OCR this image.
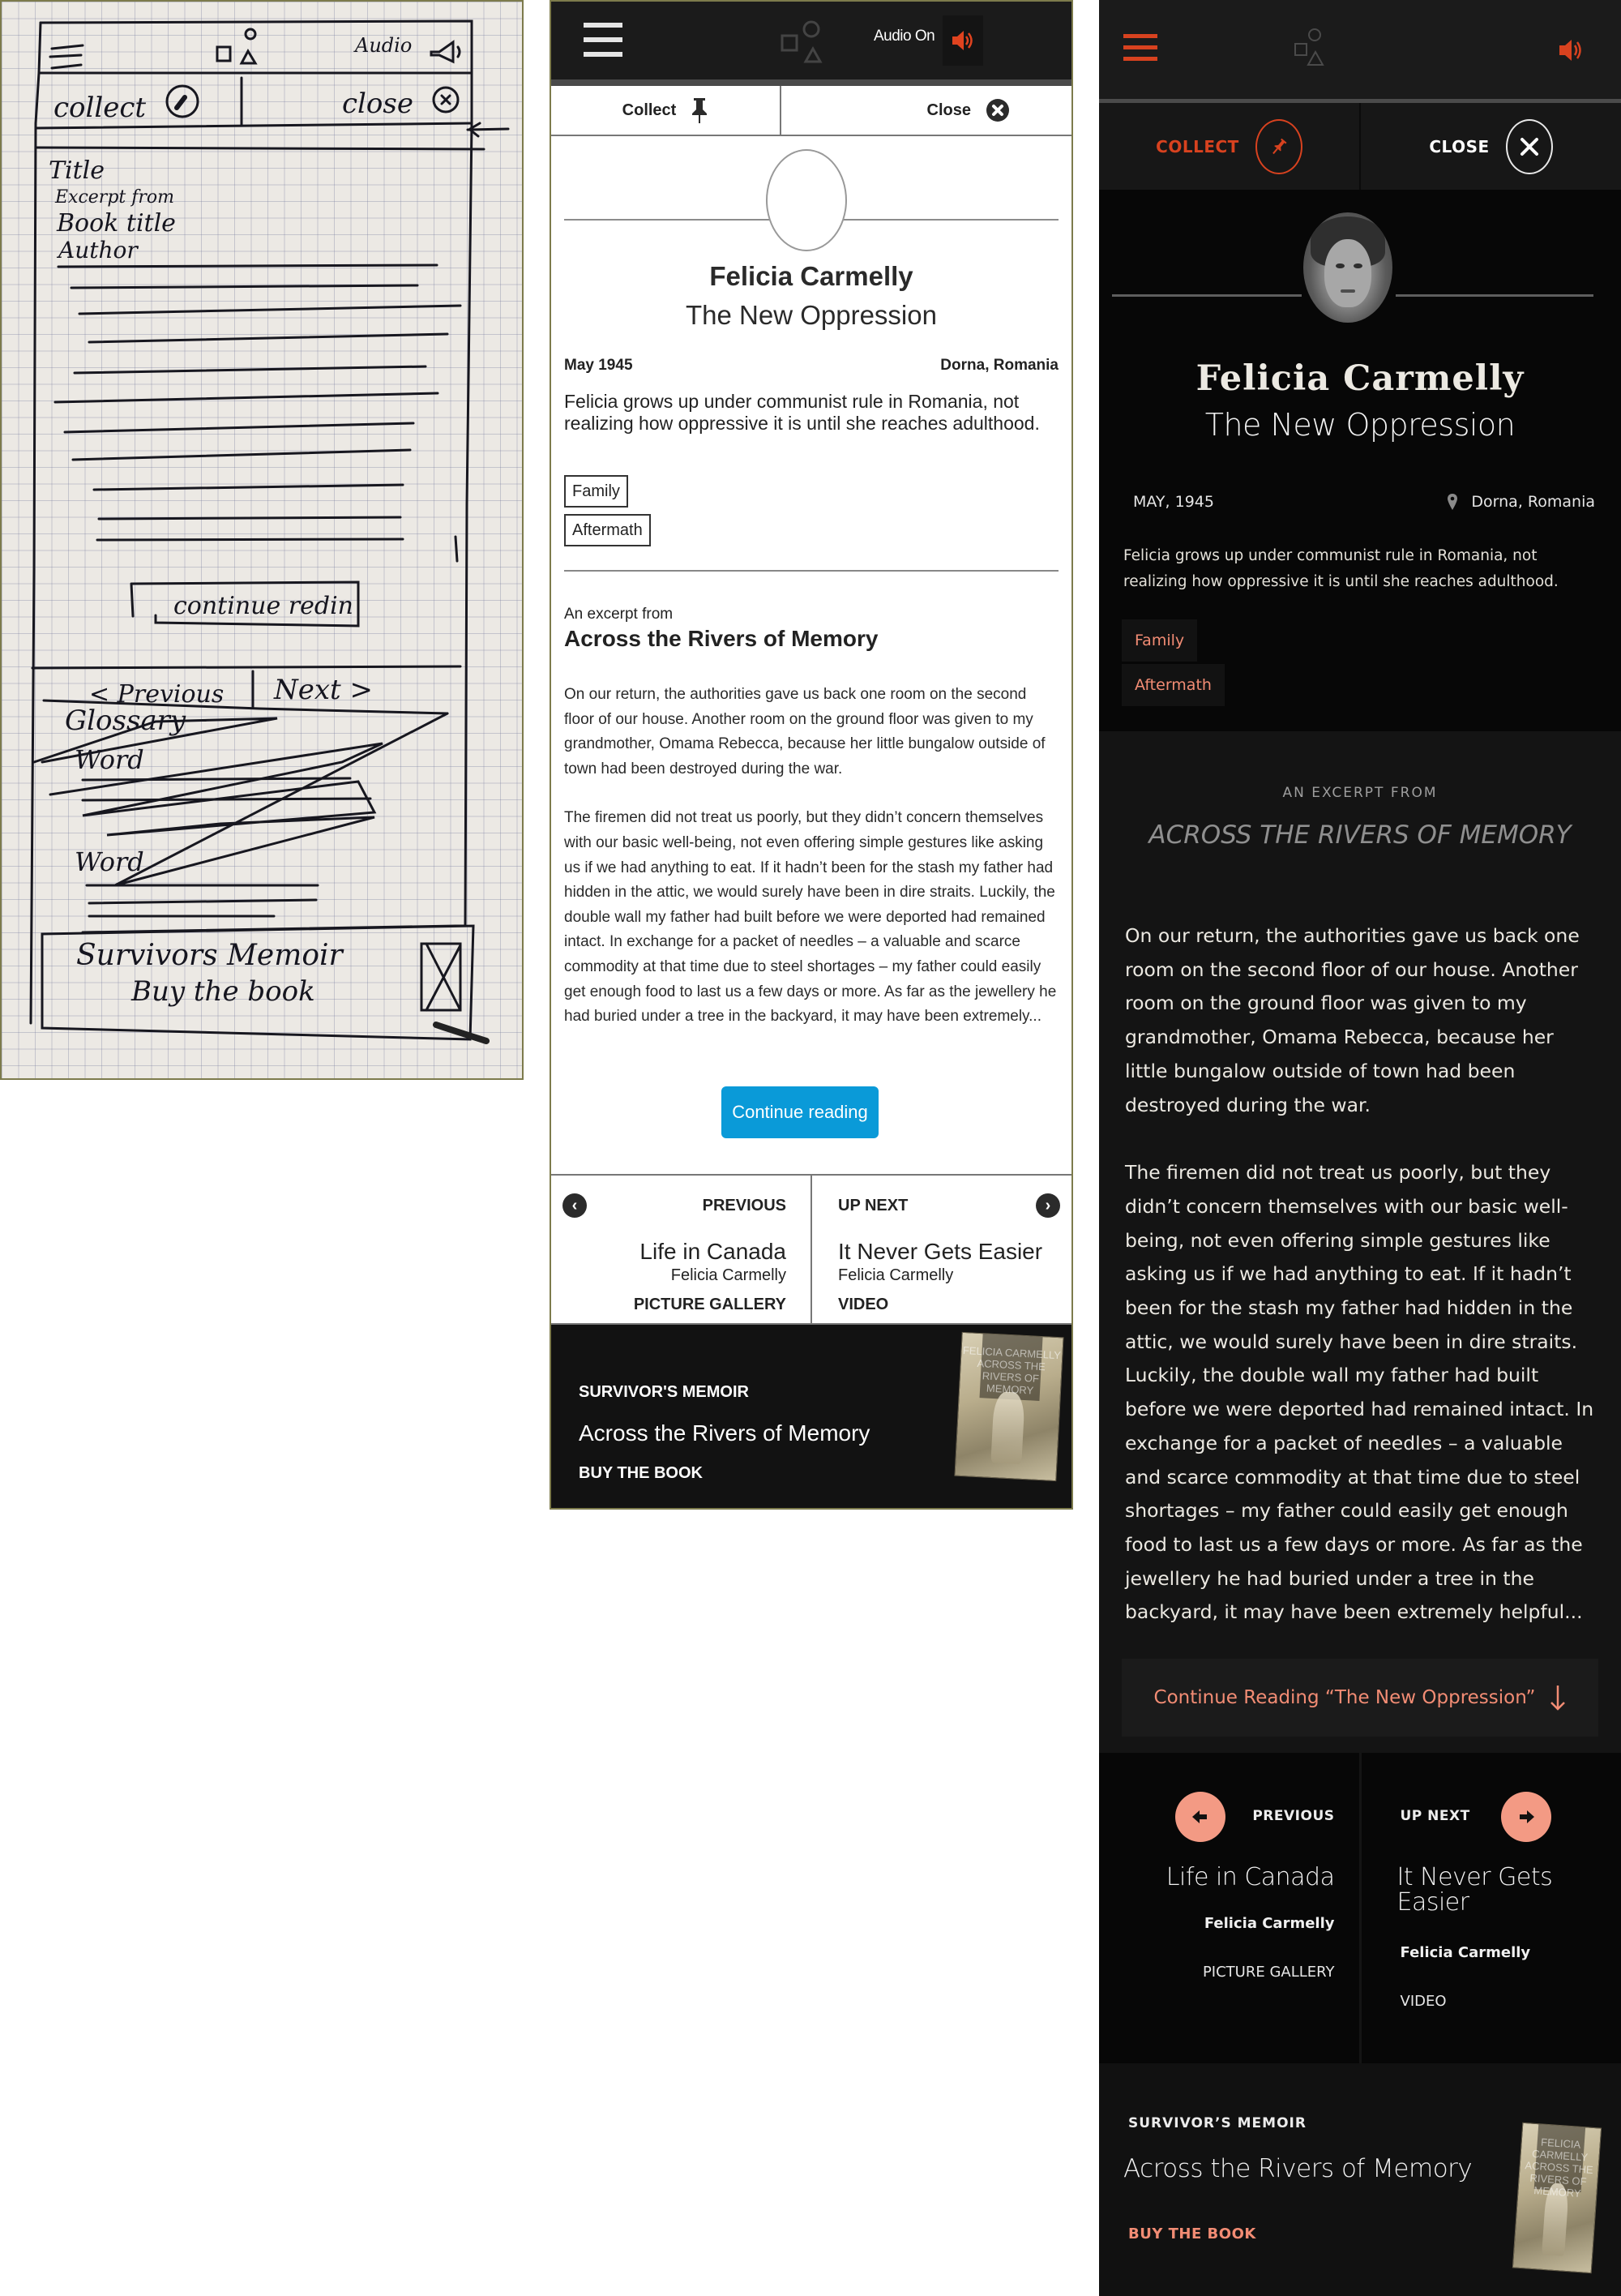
collect	close
Audio
Title
Excerpt from
Book title
Author
continue redin
< Previous Next >
Glossary
Word
Word
Survivors Memoir
Buy the book
Audio On
Collect	Close
Felicia Carmelly
The New Oppression
May 1945	Dorna, Romania
Felicia grows up under communist rule in Romania, not realizing how oppressive it is until she reaches adulthood.
Family
Aftermath
An excerpt from
Across the Rivers of Memory

On our return, the authorities gave us back one room on the second floor of our house. Another room on the ground floor was given to my grandmother, Omama Rebecca, because her little bungalow outside of town had been destroyed during the war.

The firemen did not treat us poorly, but they didn’t concern themselves with our basic well-being, not even offering simple gestures like asking us if we had anything to eat. If it hadn’t been for the stash my father had hidden in the attic, we would surely have been in dire straits. Luckily, the double wall my father had built before we were deported had remained intact. In exchange for a packet of needles – a valuable and scarce commodity at that time due to steel shortages – my father could easily get enough food to last us a few days or more. As far as the jewellery he had buried under a tree in the backyard, it may have been extremely...

Continue reading
‹	PREVIOUS
Life in Canada
Felicia Carmelly
PICTURE GALLERY
›
UP NEXT
It Never Gets Easier
Felicia Carmelly
VIDEO
SURVIVOR'S MEMOIR
Across the Rivers of Memory
BUY THE BOOK
FELICIA CARMELLY ACROSS THE RIVERS OF MEMORY
COLLECT	CLOSE
Felicia Carmelly
The New Oppression
MAY, 1945	Dorna, Romania
Felicia grows up under communist rule in Romania, not realizing how oppressive it is until she reaches adulthood.
Family
Aftermath
AN EXCERPT FROM
ACROSS THE RIVERS OF MEMORY

On our return, the authorities gave us back one room on the second floor of our house. Another room on the ground floor was given to my grandmother, Omama Rebecca, because her little bungalow outside of town had been destroyed during the war.

The firemen did not treat us poorly, but they didn’t concern themselves with our basic well-being, not even offering simple gestures like asking us if we had anything to eat. If it hadn’t been for the stash my father had hidden in the attic, we would surely have been in dire straits. Luckily, the double wall my father had built before we were deported had remained intact. In exchange for a packet of needles – a valuable and scarce commodity at that time due to steel shortages – my father could easily get enough food to last us a few days or more. As far as the jewellery he had buried under a tree in the backyard, it may have been extremely helpful...

Continue Reading “The New Oppression”
PREVIOUS
Life in Canada
Felicia Carmelly
PICTURE GALLERY
UP NEXT
It Never Gets Easier
Felicia Carmelly
VIDEO
SURVIVOR’S MEMOIR
Across the Rivers of Memory
BUY THE BOOK
FELICIA CARMELLY ACROSS THE RIVERS OF MEMORY
